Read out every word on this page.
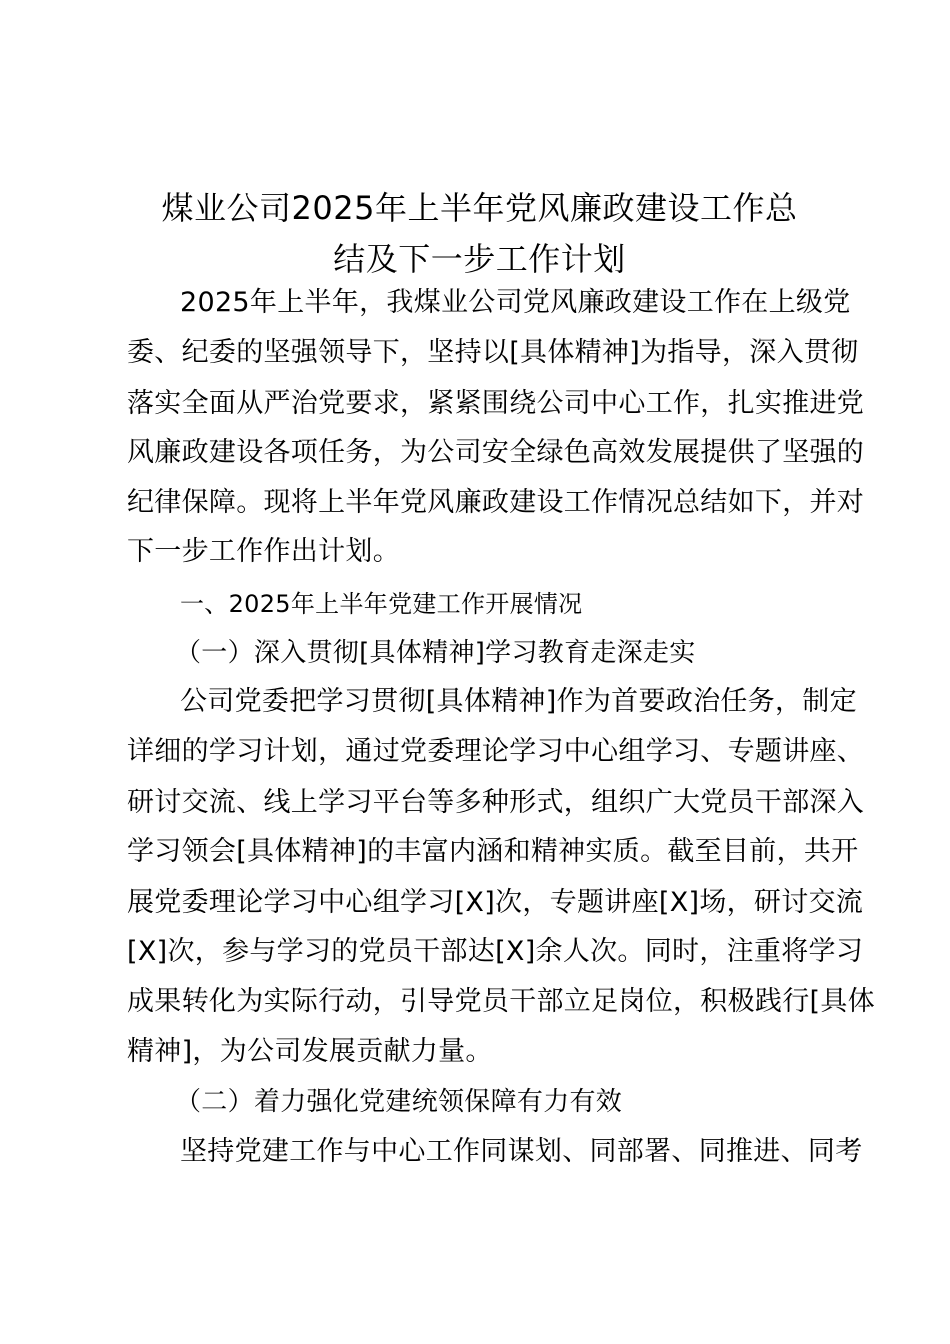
煤业公司2025年上半年党风廉政建设工作总
结及下一步工作计划
2025年上半年，我煤业公司党风廉政建设工作在上级党
委、纪委的坚强领导下，坚持以[具体精神]为指导，深入贯彻
落实全面从严治党要求，紧紧围绕公司中心工作，扎实推进党
风廉政建设各项任务，为公司安全绿色高效发展提供了坚强的
纪律保障。现将上半年党风廉政建设工作情况总结如下，并对
下一步工作作出计划。
一、2025年上半年党建工作开展情况
（一）深入贯彻[具体精神]学习教育走深走实
公司党委把学习贯彻[具体精神]作为首要政治任务，制定
详细的学习计划，通过党委理论学习中心组学习、专题讲座、
研讨交流、线上学习平台等多种形式，组织广大党员干部深入
学习领会[具体精神]的丰富内涵和精神实质。截至目前，共开
展党委理论学习中心组学习[X]次，专题讲座[X]场，研讨交流
[X]次，参与学习的党员干部达[X]余人次。同时，注重将学习
成果转化为实际行动，引导党员干部立足岗位，积极践行[具体
精神]，为公司发展贡献力量。
（二）着力强化党建统领保障有力有效
坚持党建工作与中心工作同谋划、同部署、同推进、同考
